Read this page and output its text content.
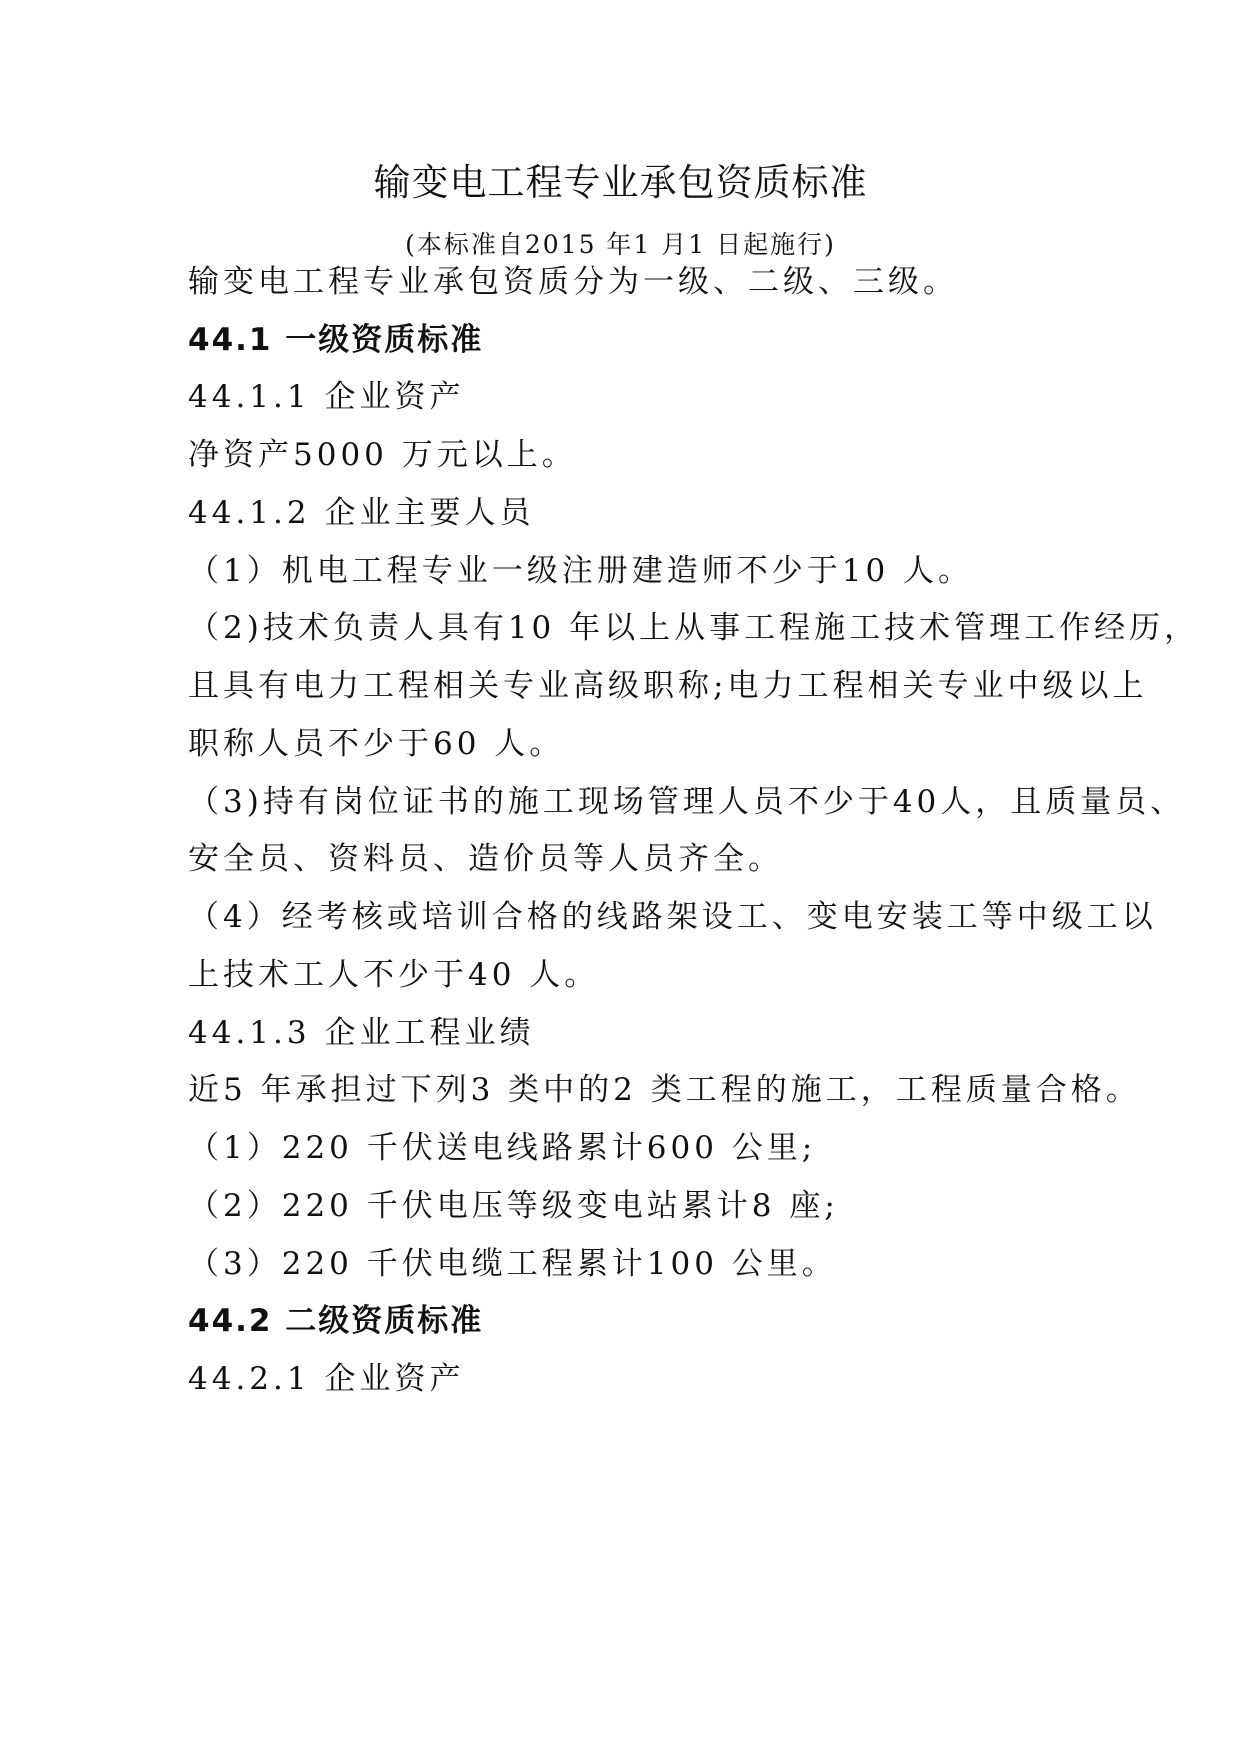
输变电工程专业承包资质标准
(本标准自2015 年1 月1 日起施行)
输变电工程专业承包资质分为一级、二级、三级。
44.1 一级资质标准
44.1.1 企业资产
净资产5000 万元以上。
44.1.2 企业主要人员
（1）机电工程专业一级注册建造师不少于10 人。
（2)技术负责人具有10 年以上从事工程施工技术管理工作经历，
且具有电力工程相关专业高级职称;电力工程相关专业中级以上
职称人员不少于60 人。
（3)持有岗位证书的施工现场管理人员不少于40人，且质量员、
安全员、资料员、造价员等人员齐全。
（4）经考核或培训合格的线路架设工、变电安装工等中级工以
上技术工人不少于40 人。
44.1.3 企业工程业绩
近5 年承担过下列3 类中的2 类工程的施工，工程质量合格。
（1）220 千伏送电线路累计600 公里;
（2）220 千伏电压等级变电站累计8 座;
（3）220 千伏电缆工程累计100 公里。
44.2 二级资质标准
44.2.1 企业资产
